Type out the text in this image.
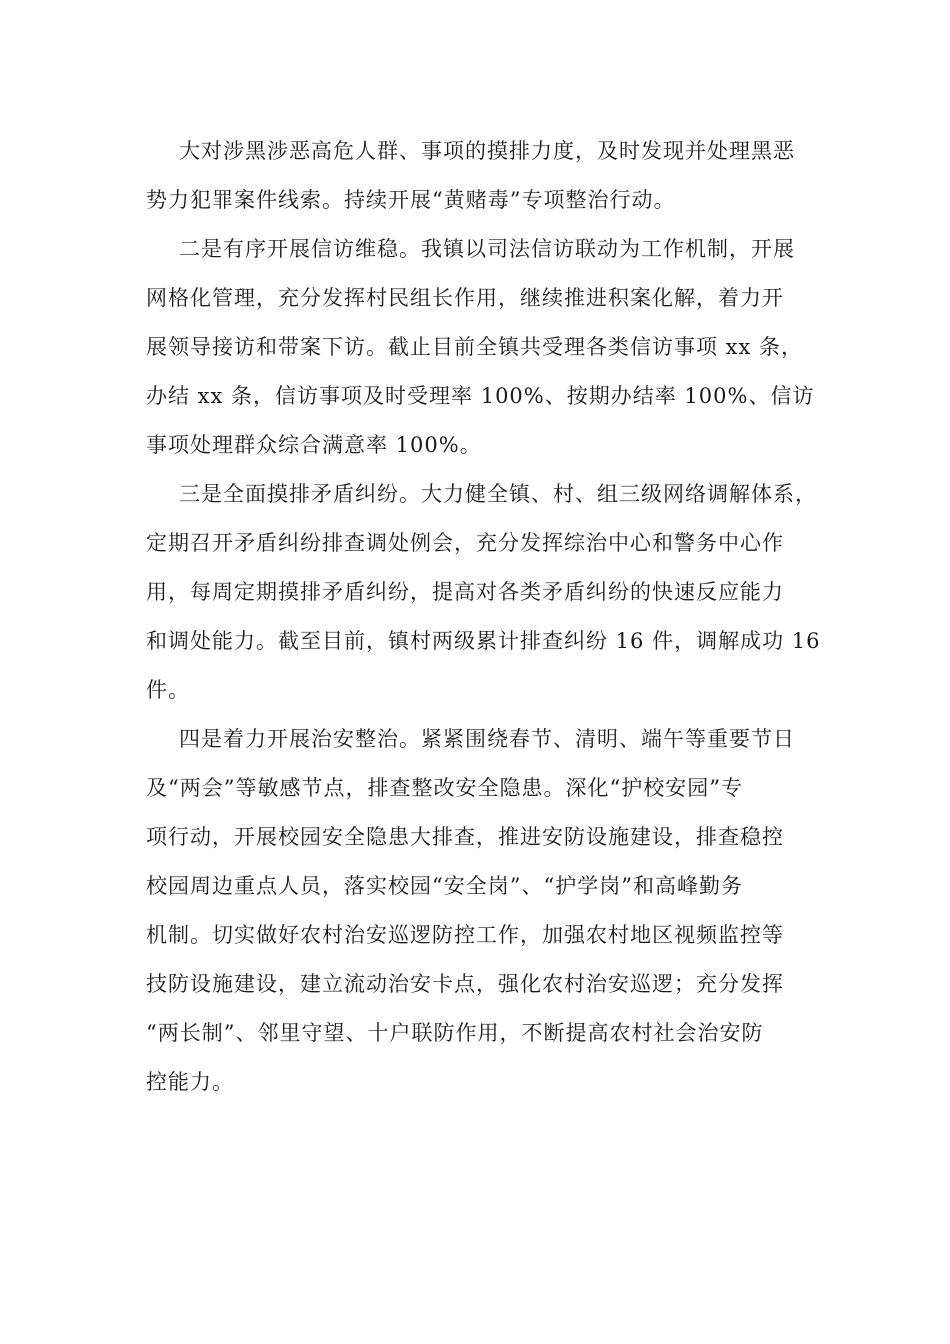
大对涉黑涉恶高危人群、事项的摸排力度，及时发现并处理黑恶
势力犯罪案件线索。持续开展“黄赌毒”专项整治行动。
二是有序开展信访维稳。我镇以司法信访联动为工作机制，开展
网格化管理，充分发挥村民组长作用，继续推进积案化解，着力开
展领导接访和带案下访。截止目前全镇共受理各类信访事项 xx 条，
办结 xx 条，信访事项及时受理率 100%、按期办结率 100%、信访
事项处理群众综合满意率 100%。
三是全面摸排矛盾纠纷。大力健全镇、村、组三级网络调解体系，
定期召开矛盾纠纷排查调处例会，充分发挥综治中心和警务中心作
用，每周定期摸排矛盾纠纷，提高对各类矛盾纠纷的快速反应能力
和调处能力。截至目前，镇村两级累计排查纠纷 16 件，调解成功 16
件。
四是着力开展治安整治。紧紧围绕春节、清明、端午等重要节日
及“两会”等敏感节点，排查整改安全隐患。深化“护校安园”专
项行动，开展校园安全隐患大排查，推进安防设施建设，排查稳控
校园周边重点人员，落实校园“安全岗”、“护学岗”和高峰勤务
机制。切实做好农村治安巡逻防控工作，加强农村地区视频监控等
技防设施建设，建立流动治安卡点，强化农村治安巡逻；充分发挥
“两长制”、邻里守望、十户联防作用，不断提高农村社会治安防
控能力。
